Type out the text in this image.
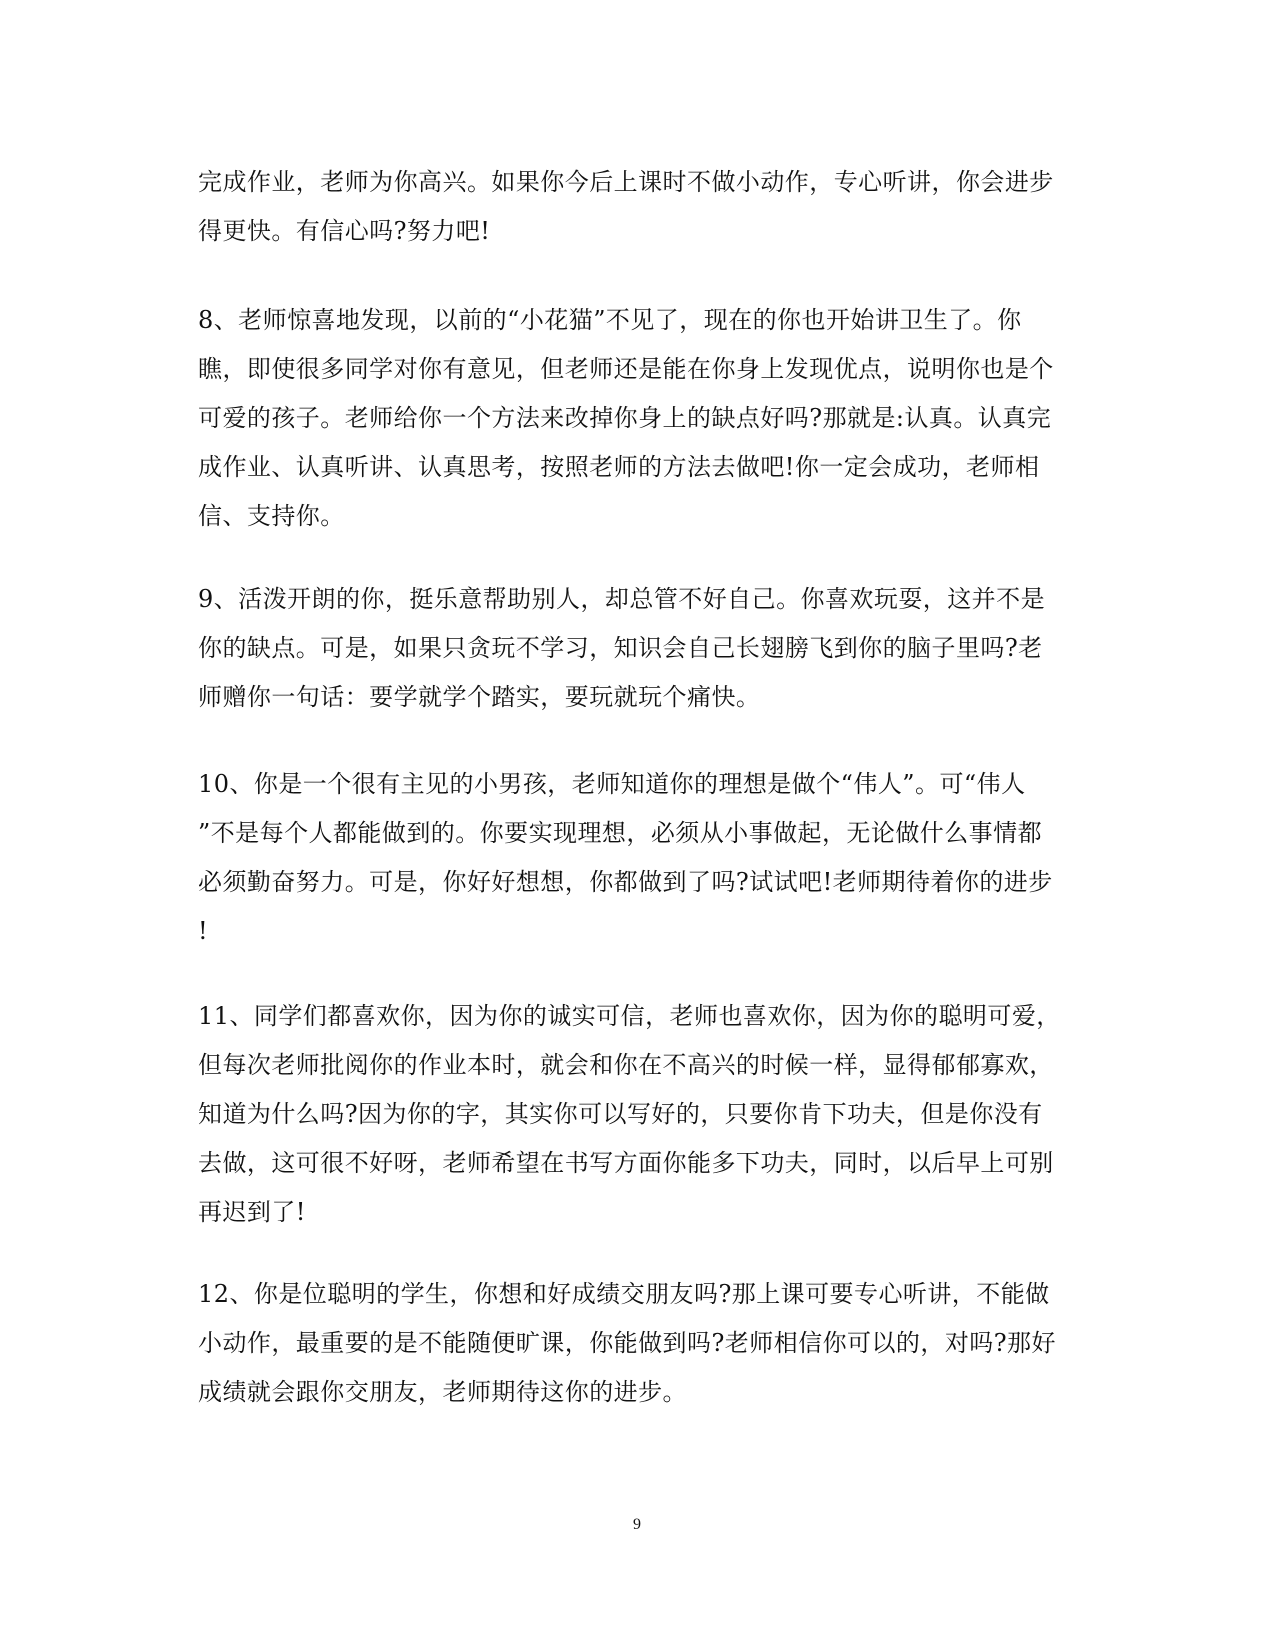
完成作业，老师为你高兴。如果你今后上课时不做小动作，专心听讲，你会进步
得更快。有信心吗?努力吧!
8、老师惊喜地发现，以前的“小花猫”不见了，现在的你也开始讲卫生了。你
瞧，即使很多同学对你有意见，但老师还是能在你身上发现优点，说明你也是个
可爱的孩子。老师给你一个方法来改掉你身上的缺点好吗?那就是:认真。认真完
成作业、认真听讲、认真思考，按照老师的方法去做吧!你一定会成功，老师相
信、支持你。
9、活泼开朗的你，挺乐意帮助别人，却总管不好自己。你喜欢玩耍，这并不是
你的缺点。可是，如果只贪玩不学习，知识会自己长翅膀飞到你的脑子里吗?老
师赠你一句话：要学就学个踏实，要玩就玩个痛快。
10、你是一个很有主见的小男孩，老师知道你的理想是做个“伟人”。可“伟人
”不是每个人都能做到的。你要实现理想，必须从小事做起，无论做什么事情都
必须勤奋努力。可是，你好好想想，你都做到了吗?试试吧!老师期待着你的进步
!
11、同学们都喜欢你，因为你的诚实可信，老师也喜欢你，因为你的聪明可爱，
但每次老师批阅你的作业本时，就会和你在不高兴的时候一样，显得郁郁寡欢，
知道为什么吗?因为你的字，其实你可以写好的，只要你肯下功夫，但是你没有
去做，这可很不好呀，老师希望在书写方面你能多下功夫，同时，以后早上可别
再迟到了!
12、你是位聪明的学生，你想和好成绩交朋友吗?那上课可要专心听讲，不能做
小动作，最重要的是不能随便旷课，你能做到吗?老师相信你可以的，对吗?那好
成绩就会跟你交朋友，老师期待这你的进步。
9
